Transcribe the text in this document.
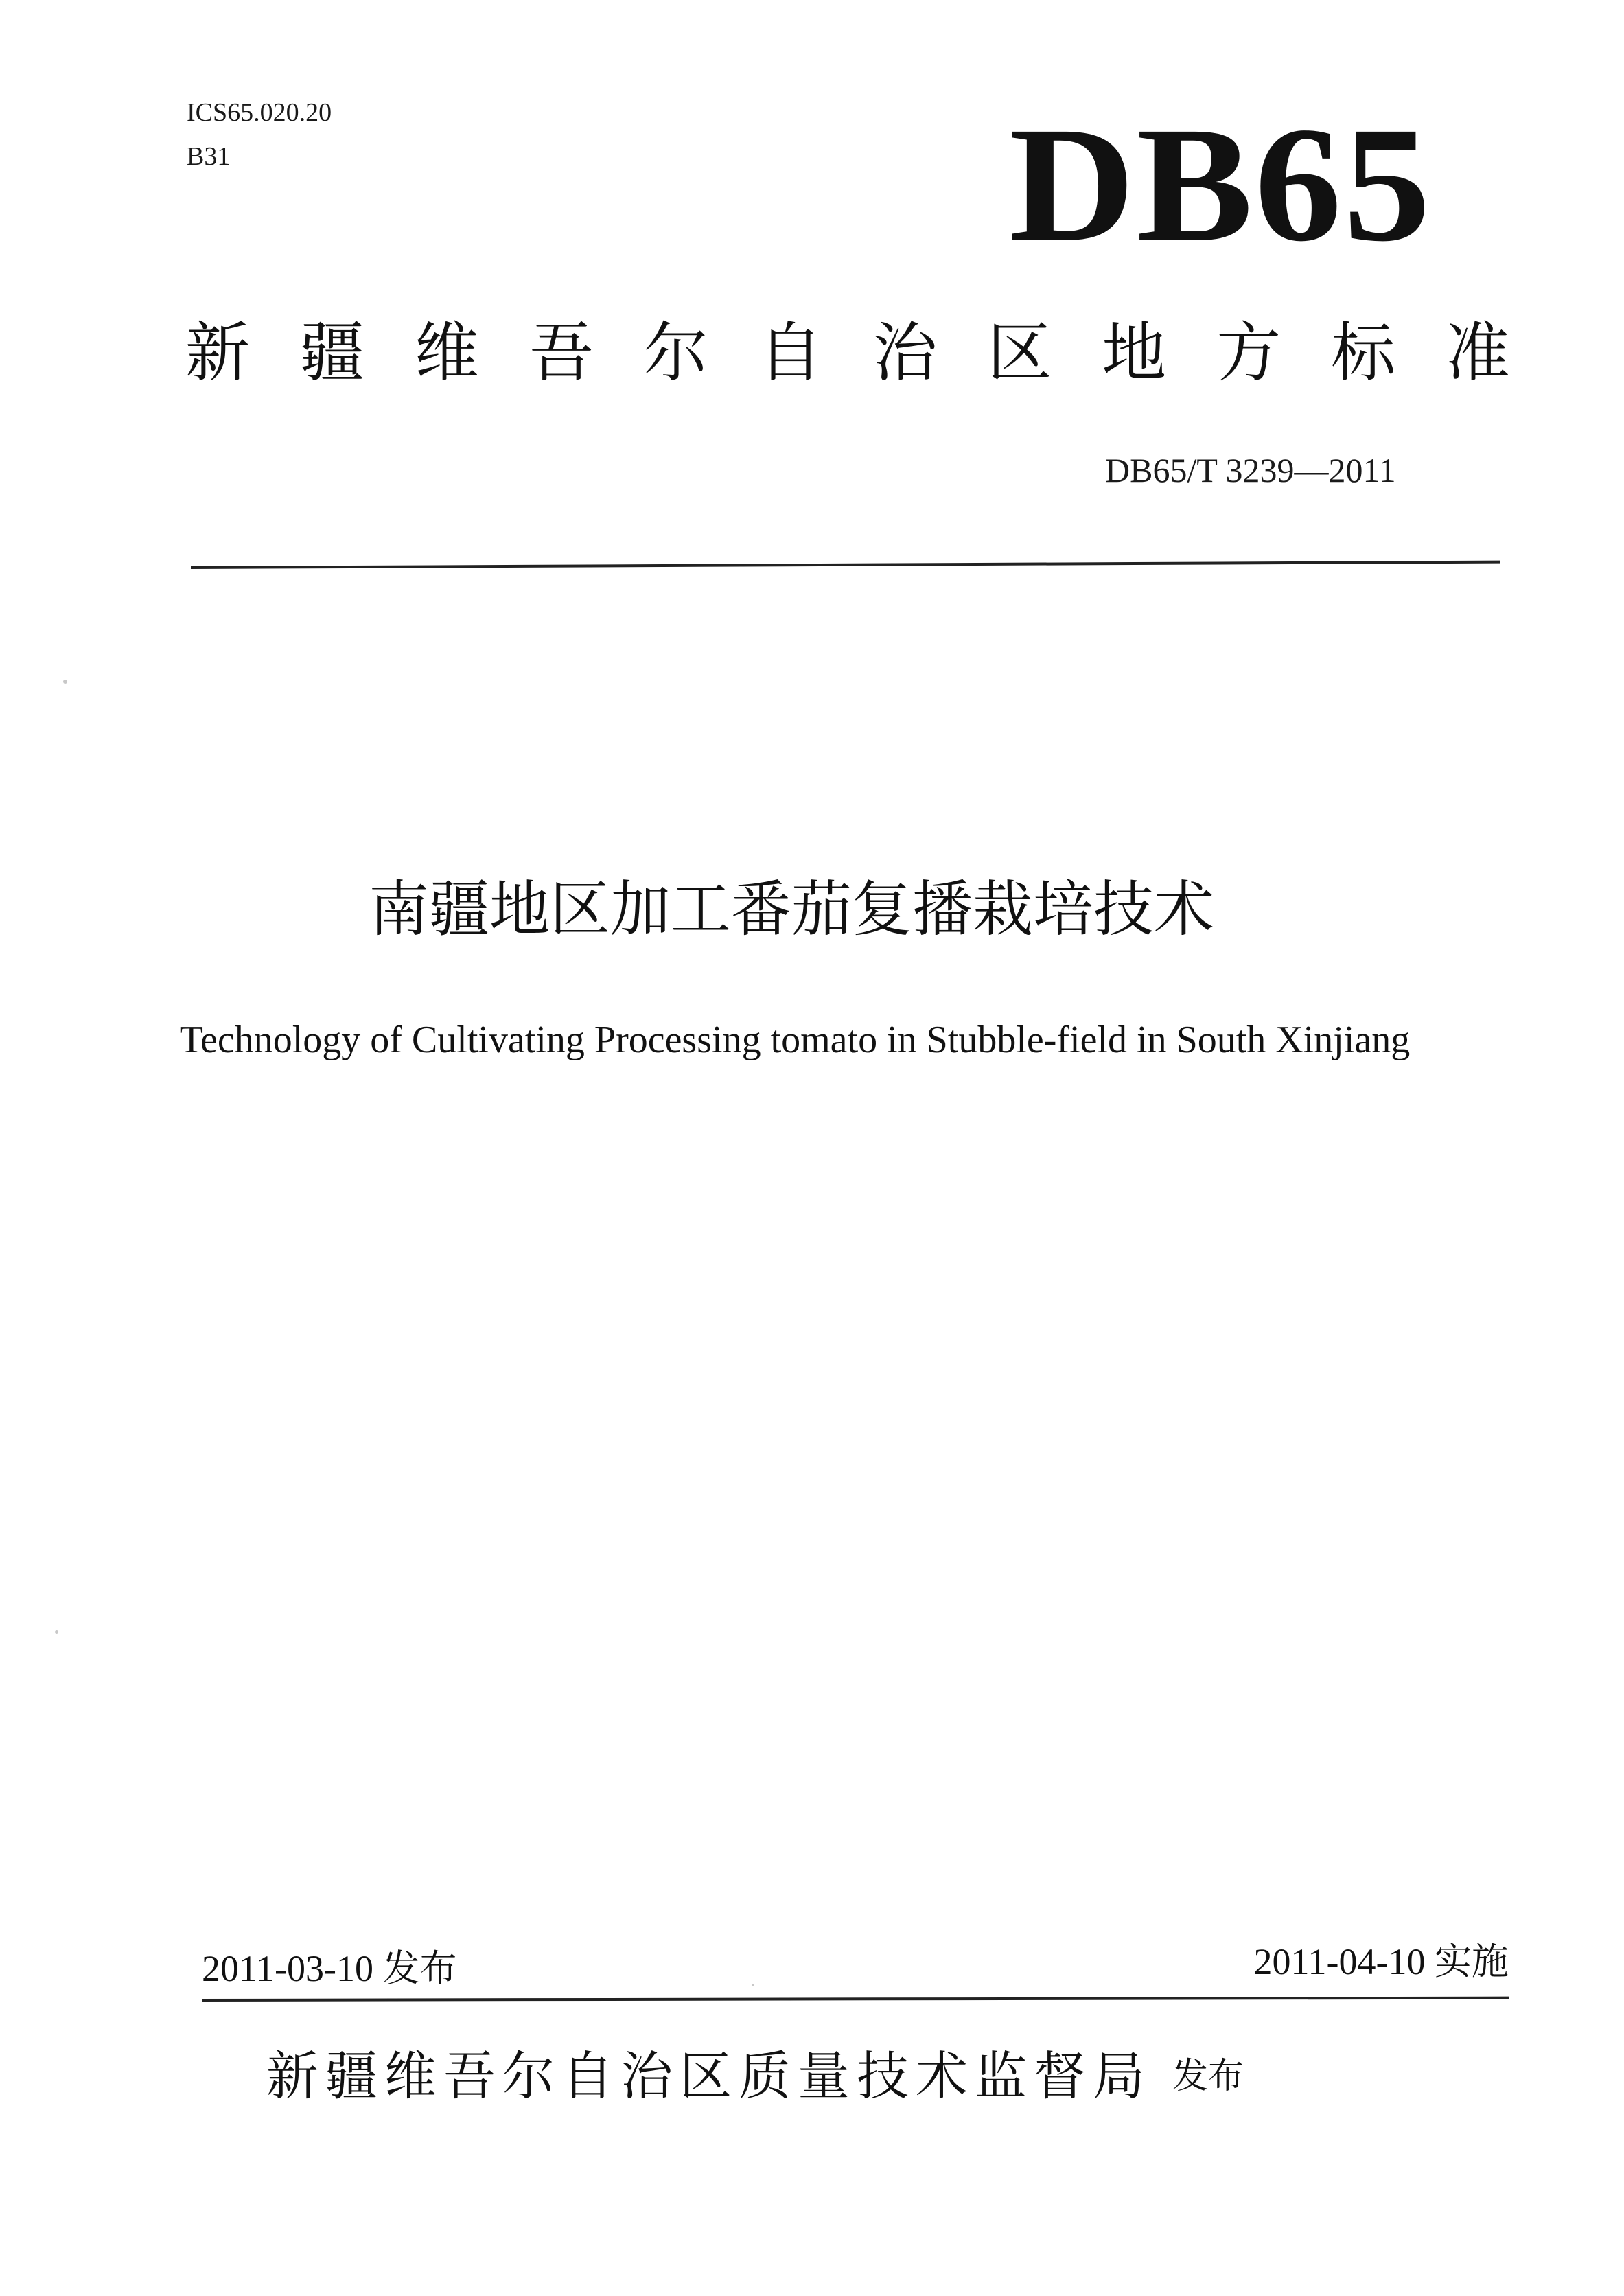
ICS65.020.20
B31	DB65
新 疆 维 吾 尔 自 治 区 地 方 标 准
DB65/T 3239—2011
南疆地区加工番茄复播栽培技术
Technology of Cultivating Processing tomato in Stubble-field in South Xinjiang
2011-03-10 发布	2011-04-10 实施
新疆维吾尔自治区质量技术监督局 发布
